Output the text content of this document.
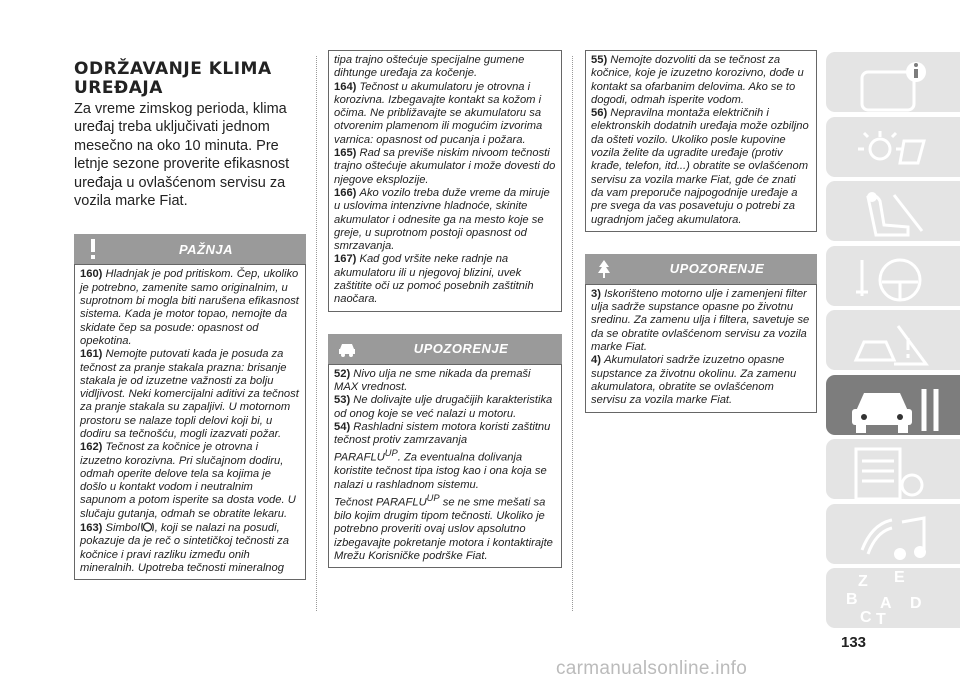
ODRŽAVANJE KLIMA
UREĐAJA
Za vreme zimskog perioda, klima uređaj treba uključivati jednom mesečno na oko 10 minuta. Pre letnje sezone proverite efikasnost uređaja u ovlašćenom servisu za vozila marke Fiat.
PAŽNJA

160) Hladnjak je pod pritiskom. Čep, ukoliko je potrebno, zamenite samo originalnim, u suprotnom bi mogla biti narušena efikasnost sistema. Kada je motor topao, nemojte da skidate čep sa posude: opasnost od opekotina.

161) Nemojte putovati kada je posuda za tečnost za pranje stakala prazna: brisanje stakala je od izuzetne važnosti za bolju vidljivost. Neki komercijalni aditivi za tečnost za pranje stakala su zapaljivi. U motornom prostoru se nalaze topli delovi koji bi, u dodiru sa tečnošću, mogli izazvati požar.

162) Tečnost za kočnice je otrovna i izuzetno korozivna. Pri slučajnom dodiru, odmah operite delove tela sa kojima je došlo u kontakt vodom i neutralnim sapunom a potom isperite sa dosta vode. U slučaju gutanja, odmah se obratite lekaru.

163) Simbol , koji se nalazi na posudi, pokazuje da je reč o sintetičkoj tečnosti za kočnice i pravi razliku između onih mineralnih. Upotreba tečnosti mineralnog

tipa trajno oštećuje specijalne gumene dihtunge uređaja za kočenje.

164) Tečnost u akumulatoru je otrovna i korozivna. Izbegavajte kontakt sa kožom i očima. Ne približavajte se akumulatoru sa otvorenim plamenom ili mogućim izvorima varnica: opasnost od pucanja i požara.

165) Rad sa previše niskim nivoom tečnosti trajno oštećuje akumulator i može dovesti do njegove eksplozije.

166) Ako vozilo treba duže vreme da miruje u uslovima intenzivne hladnoće, skinite akumulator i odnesite ga na mesto koje se greje, u suprotnom postoji opasnost od smrzavanja.

167) Kad god vršite neke radnje na akumulatoru ili u njegovoj blizini, uvek zaštitite oči uz pomoć posebnih zaštitnih naočara.

UPOZORENJE

52) Nivo ulja ne sme nikada da premaši MAX vrednost.

53) Ne dolivajte ulje drugačijih karakteristika od onog koje se već nalazi u motoru.

54) Rashladni sistem motora koristi zaštitnu tečnost protiv zamrzavanja

$PARAFLU^{UP}$. Za eventualna dolivanja koristite tečnost tipa istog kao i ona koja se nalazi u rashladnom sistemu.

Tečnost $PARAFLU^{UP}$ se ne sme mešati sa bilo kojim drugim tipom tečnosti. Ukoliko je potrebno proveriti ovaj uslov apsolutno izbegavajte pokretanje motora i kontaktirajte Mrežu Korisničke podrške Fiat.

55) Nemojte dozvoliti da se tečnost za kočnice, koje je izuzetno korozivno, dođe u kontakt sa ofarbanim delovima. Ako se to dogodi, odmah isperite vodom.

56) Nepravilna montaža električnih i elektronskih dodatnih uređaja može ozbiljno da ošteti vozilo. Ukoliko posle kupovine vozila želite da ugradite uređaje (protiv krađe, telefon, itd...) obratite se ovlašćenom servisu za vozila marke Fiat, gde će znati da vam preporuče najpogodnije uređaje a pre svega da vas posavetuju o potrebi za ugradnjom jačeg akumulatora.

UPOZORENJE

3) Iskorišteno motorno ulje i zamenjeni filter ulja sadrže supstance opasne po životnu sredinu. Za zamenu ulja i filtera, savetuje se da se obratite ovlašćenom servisu za vozila marke Fiat.

4) Akumulatori sadrže izuzetno opasne supstance za životnu okolinu. Za zamenu akumulatora, obratite se ovlašćenom servisu za vozila marke Fiat.

Z E
B A
C T
D
133
carmanualsonline.info
